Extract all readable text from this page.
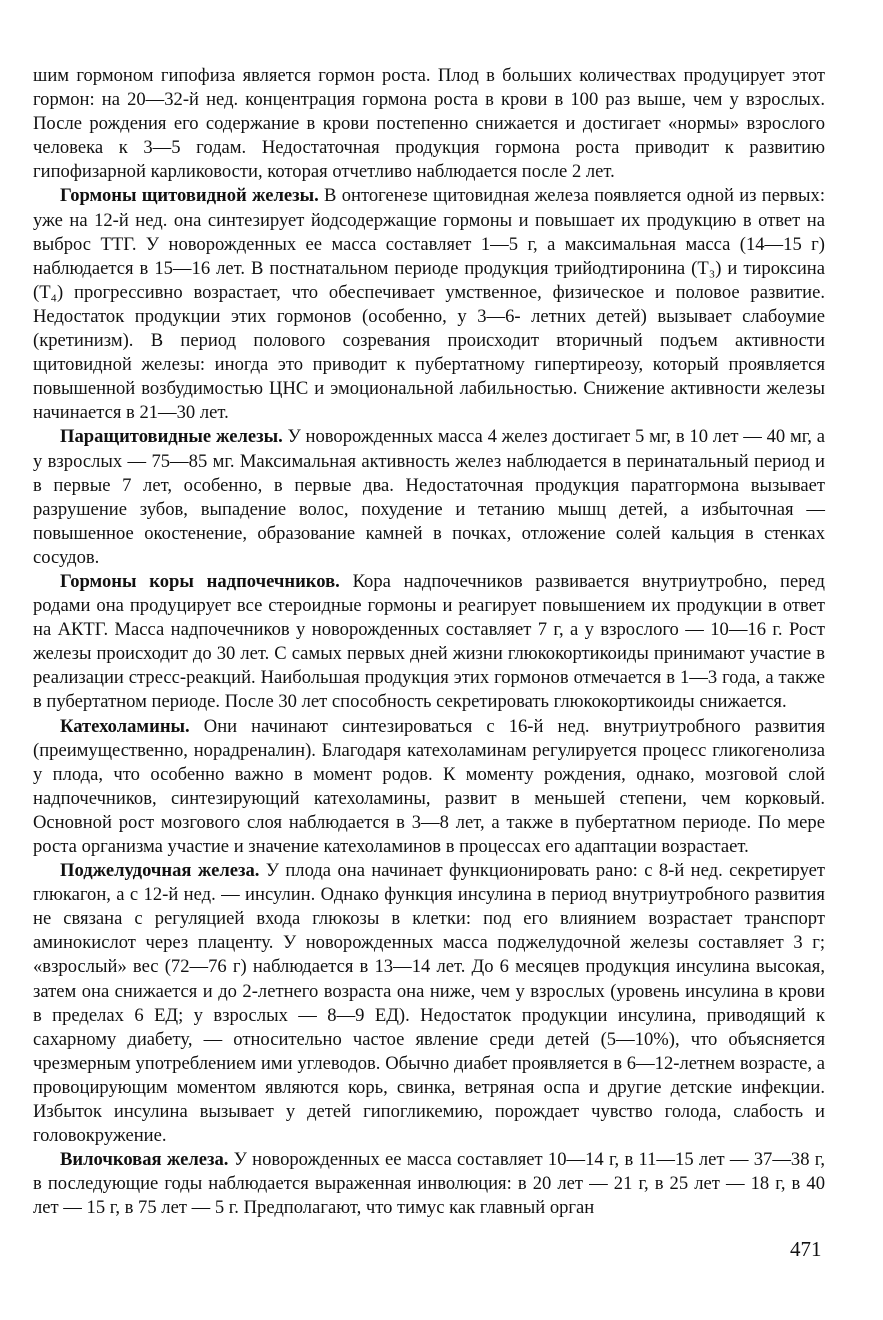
шим гормоном гипофиза является гормон роста. Плод в больших количествах продуцирует этот гормон: на 20—32-й нед. концентрация гормона роста в крови в 100 раз выше, чем у взрослых. После рождения его содержание в крови постепенно снижается и достигает «нормы» взрослого человека к 3—5 годам. Недостаточная продукция гормона роста приводит к развитию гипофизарной карликовости, которая отчетливо наблюдается после 2 лет.

Гормоны щитовидной железы. В онтогенезе щитовидная железа появляется одной из первых: уже на 12-й нед. она синтезирует йодсодержащие гормоны и повышает их продукцию в ответ на выброс ТТГ. У новорожденных ее масса составляет 1—5 г, а максимальная масса (14—15 г) наблюдается в 15—16 лет. В постнатальном периоде продукция трийодтиронина (Т₃) и тироксина (Т₄) прогрессивно возрастает, что обеспечивает умственное, физическое и половое развитие. Недостаток продукции этих гормонов (особенно, у 3—6- летних детей) вызывает слабоумие (кретинизм). В период полового созревания происходит вторичный подъем активности щитовидной железы: иногда это приводит к пубертатному гипертиреозу, который проявляется повышенной возбудимостью ЦНС и эмоциональной лабильностью. Снижение активности железы начинается в 21—30 лет.

Паращитовидные железы. У новорожденных масса 4 желез достигает 5 мг, в 10 лет — 40 мг, а у взрослых — 75—85 мг. Максимальная активность желез наблюдается в перинатальный период и в первые 7 лет, особенно, в первые два. Недостаточная продукция паратгормона вызывает разрушение зубов, выпадение волос, похудение и тетанию мышц детей, а избыточная — повышенное окостенение, образование камней в почках, отложение солей кальция в стенках сосудов.

Гормоны коры надпочечников. Кора надпочечников развивается внутриутробно, перед родами она продуцирует все стероидные гормоны и реагирует повышением их продукции в ответ на АКТГ. Масса надпочечников у новорожденных составляет 7 г, а у взрослого — 10—16 г. Рост железы происходит до 30 лет. С самых первых дней жизни глюкокортикоиды принимают участие в реализации стресс-реакций. Наибольшая продукция этих гормонов отмечается в 1—3 года, а также в пубертатном периоде. После 30 лет способность секретировать глюкокортикоиды снижается.

Катехоламины. Они начинают синтезироваться с 16-й нед. внутриутробного развития (преимущественно, норадреналин). Благодаря катехоламинам регулируется процесс гликогенолиза у плода, что особенно важно в момент родов. К моменту рождения, однако, мозговой слой надпочечников, синтезирующий катехоламины, развит в меньшей степени, чем корковый. Основной рост мозгового слоя наблюдается в 3—8 лет, а также в пубертатном периоде. По мере роста организма участие и значение катехоламинов в процессах его адаптации возрастает.

Поджелудочная железа. У плода она начинает функционировать рано: с 8-й нед. секретирует глюкагон, а с 12-й нед. — инсулин. Однако функция инсулина в период внутриутробного развития не связана с регуляцией входа глюкозы в клетки: под его влиянием возрастает транспорт аминокислот через плаценту. У новорожденных масса поджелудочной железы составляет 3 г; «взрослый» вес (72—76 г) наблюдается в 13—14 лет. До 6 месяцев продукция инсулина высокая, затем она снижается и до 2-летнего возраста она ниже, чем у взрослых (уровень инсулина в крови в пределах 6 ЕД; у взрослых — 8—9 ЕД). Недостаток продукции инсулина, приводящий к сахарному диабету, — относительно частое явление среди детей (5—10%), что объясняется чрезмерным употреблением ими углеводов. Обычно диабет проявляется в 6—12-летнем возрасте, а провоцирующим моментом являются корь, свинка, ветряная оспа и другие детские инфекции. Избыток инсулина вызывает у детей гипогликемию, порождает чувство голода, слабость и головокружение.

Вилочковая железа. У новорожденных ее масса составляет 10—14 г, в 11—15 лет — 37—38 г, в последующие годы наблюдается выраженная инволюция: в 20 лет — 21 г, в 25 лет — 18 г, в 40 лет — 15 г, в 75 лет — 5 г. Предполагают, что тимус как главный орган

471
